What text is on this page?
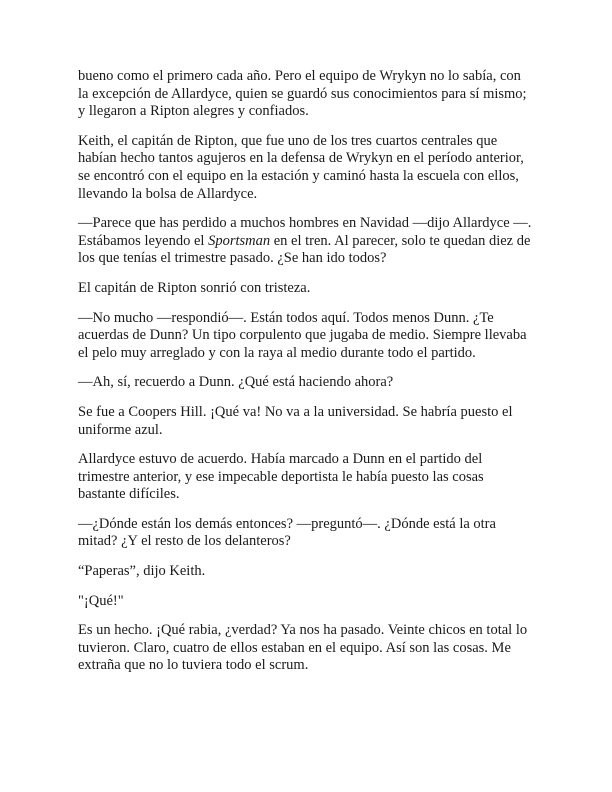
bueno como el primero cada año. Pero el equipo de Wrykyn no lo sabía, con la excepción de Allardyce, quien se guardó sus conocimientos para sí mismo; y llegaron a Ripton alegres y confiados.

Keith, el capitán de Ripton, que fue uno de los tres cuartos centrales que habían hecho tantos agujeros en la defensa de Wrykyn en el período anterior, se encontró con el equipo en la estación y caminó hasta la escuela con ellos, llevando la bolsa de Allardyce.

—Parece que has perdido a muchos hombres en Navidad —dijo Allardyce —. Estábamos leyendo el Sportsman en el tren. Al parecer, solo te quedan diez de los que tenías el trimestre pasado. ¿Se han ido todos?

El capitán de Ripton sonrió con tristeza.

—No mucho —respondió—. Están todos aquí. Todos menos Dunn. ¿Te acuerdas de Dunn? Un tipo corpulento que jugaba de medio. Siempre llevaba el pelo muy arreglado y con la raya al medio durante todo el partido.

—Ah, sí, recuerdo a Dunn. ¿Qué está haciendo ahora?

Se fue a Coopers Hill. ¡Qué va! No va a la universidad. Se habría puesto el uniforme azul.

Allardyce estuvo de acuerdo. Había marcado a Dunn en el partido del trimestre anterior, y ese impecable deportista le había puesto las cosas bastante difíciles.

—¿Dónde están los demás entonces? —preguntó—. ¿Dónde está la otra mitad? ¿Y el resto de los delanteros?

“Paperas”, dijo Keith.

"¡Qué!"

Es un hecho. ¡Qué rabia, ¿verdad? Ya nos ha pasado. Veinte chicos en total lo tuvieron. Claro, cuatro de ellos estaban en el equipo. Así son las cosas. Me extraña que no lo tuviera todo el scrum.
